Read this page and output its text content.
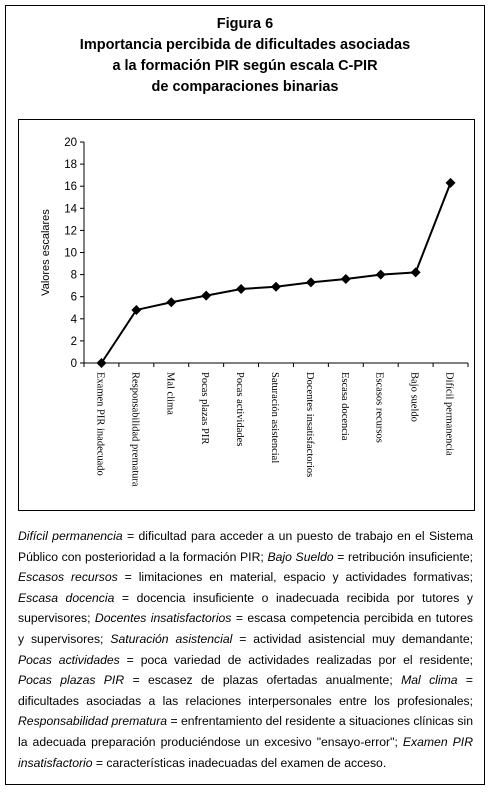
Figura 6
Importancia percibida de dificultades asociadas
a la formación PIR según escala C-PIR
de comparaciones binarias
0
2
4
6
8
10
12
14
16
18
20
Valores escalares
Examen PIR inadecuado Responsabilidad prematura Mal clima Pocas plazas PIR Pocas actividades Saturación asistencial Docentes insatisfactorios Escasa docencia Escasos recursos Bajo sueldo Difícil permanencia
Difícil permanencia = dificultad para acceder a un puesto de trabajo en el Sistema Público con posterioridad a la formación PIR; Bajo Sueldo = retribución insuficiente; Escasos recursos = limitaciones en material, espacio y actividades formativas; Escasa docencia = docencia insuficiente o inadecuada recibida por tutores y supervisores; Docentes insatisfactorios = escasa competencia percibida en tutores y supervisores; Saturación asistencial = actividad asistencial muy demandante; Pocas actividades = poca variedad de actividades realizadas por el residente; Pocas plazas PIR = escasez de plazas ofertadas anualmente; Mal clima = dificultades asociadas a las relaciones interpersonales entre los profesionales; Responsabilidad prematura = enfrentamiento del residente a situaciones clínicas sin la adecuada preparación produciéndose un excesivo "ensayo-error"; Examen PIR insatisfactorio = características inadecuadas del examen de acceso.
